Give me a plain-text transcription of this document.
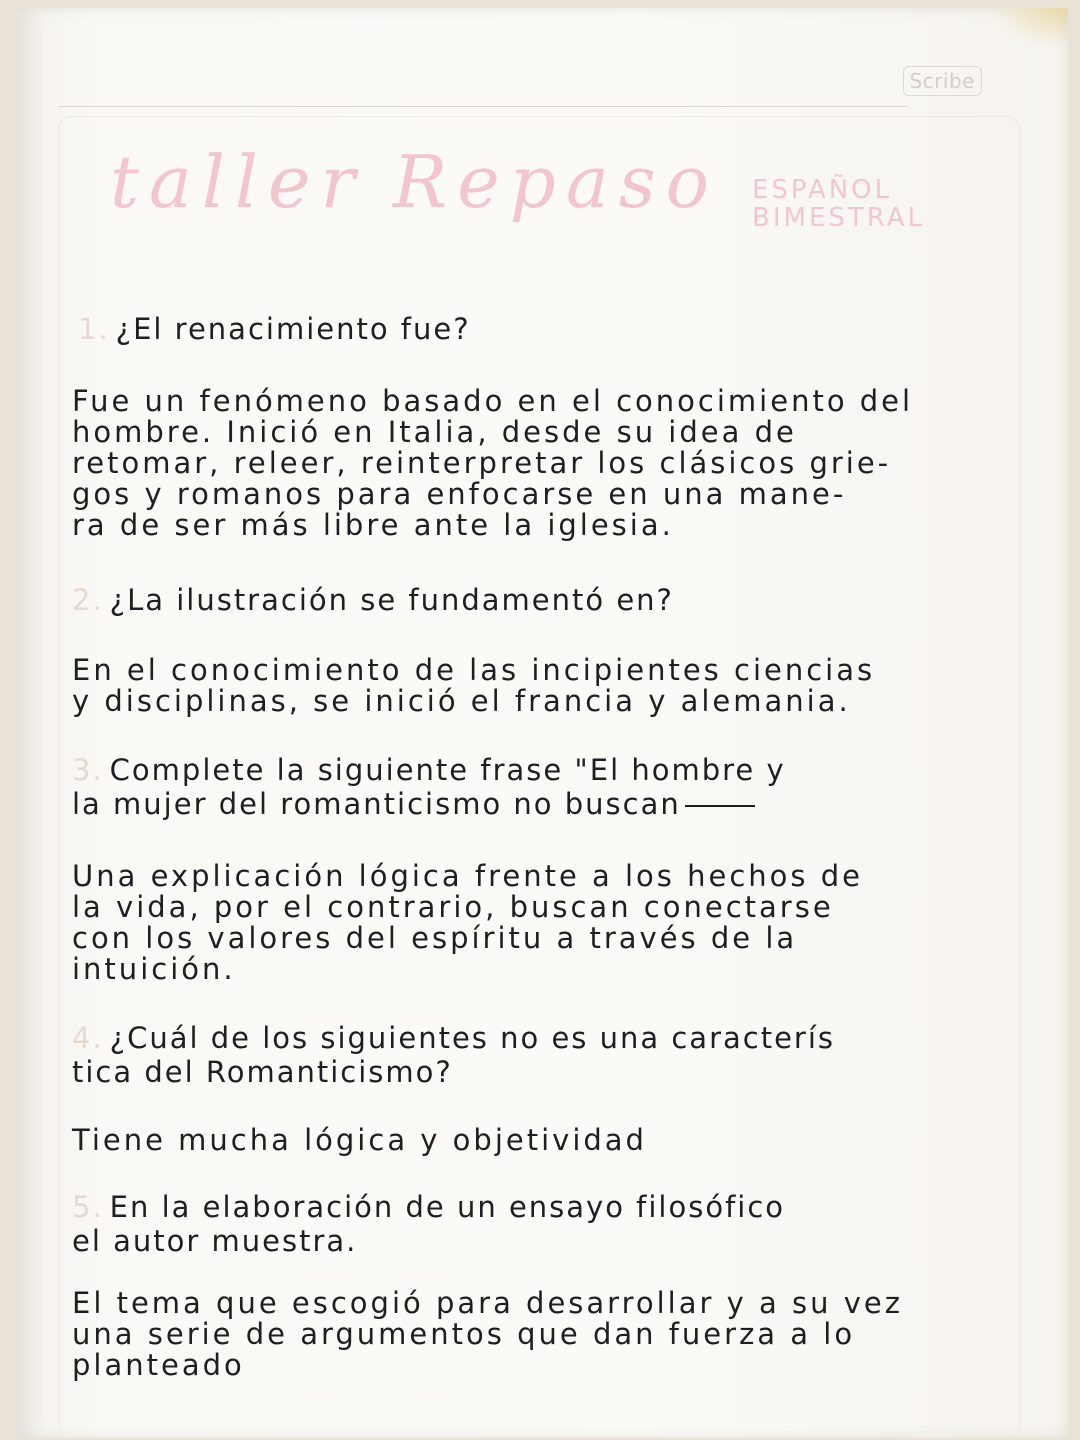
Scribe
taller Repaso ESPAÑOL
BIMESTRAL
1. ¿El renacimiento fue?
Fue un fenómeno basado en el conocimiento del
hombre. Inició en Italia, desde su idea de
retomar, releer, reinterpretar los clásicos grie-
gos y romanos para enfocarse en una mane-
ra de ser más libre ante la iglesia.
2. ¿La ilustración se fundamentó en?
En el conocimiento de las incipientes ciencias
y disciplinas, se inició el francia y alemania.
3. Complete la siguiente frase "El hombre y
la mujer del romanticismo no buscan
Una explicación lógica frente a los hechos de
la vida, por el contrario, buscan conectarse
con los valores del espíritu a través de la
intuición.
4. ¿Cuál de los siguientes no es una caracterís
tica del Romanticismo?
Tiene mucha lógica y objetividad
5. En la elaboración de un ensayo filosófico
el autor muestra.
El tema que escogió para desarrollar y a su vez
una serie de argumentos que dan fuerza a lo
planteado
